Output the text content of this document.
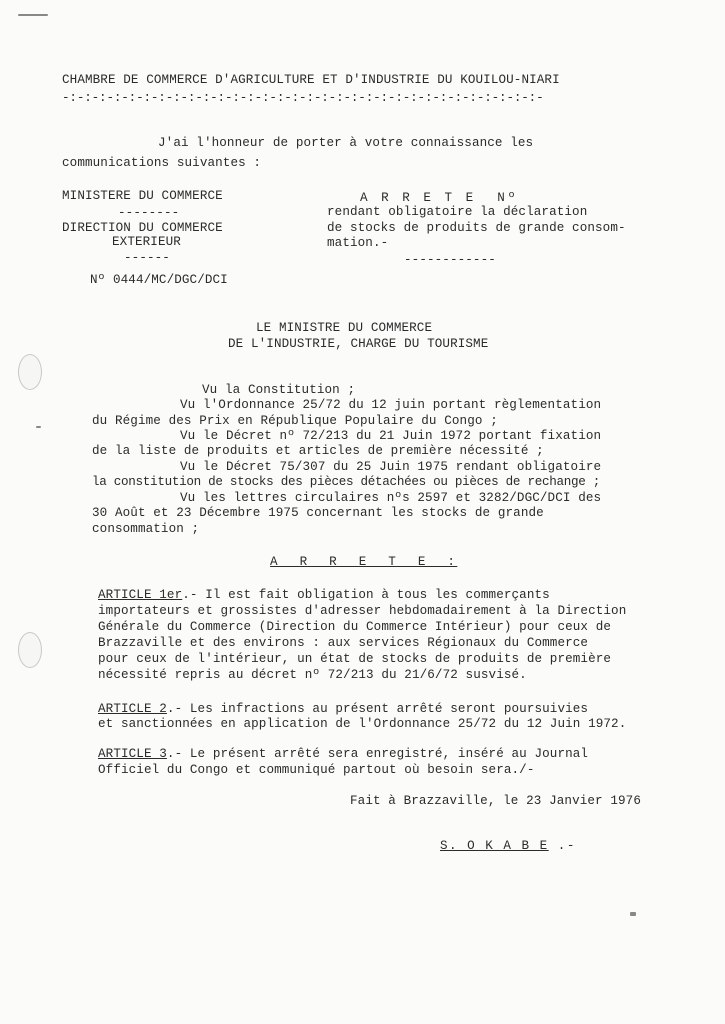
CHAMBRE DE COMMERCE D'AGRICULTURE ET D'INDUSTRIE DU KOUILOU-NIARI
-:-:-:-:-:-:-:-:-:-:-:-:-:-:-:-:-:-:-:-:-:-:-:-:-:-:-:-:-:-:-:-:-
J'ai l'honneur de porter à votre connaissance les
communications suivantes :
MINISTERE DU COMMERCE
--------
DIRECTION DU COMMERCE
EXTERIEUR
------
Nº 0444/MC/DGC/DCI
A R R E T E  Nº
rendant obligatoire la déclaration
de stocks de produits de grande consom-
mation.-
------------
LE MINISTRE DU COMMERCE
DE L'INDUSTRIE, CHARGE DU TOURISME
Vu la Constitution ;
Vu l'Ordonnance 25/72 du 12 juin portant règlementation
du Régime des Prix en République Populaire du Congo ;
Vu le Décret nº 72/213 du 21 Juin 1972 portant fixation
de la liste de produits et articles de première nécessité ;
Vu le Décret 75/307 du 25 Juin 1975 rendant obligatoire
la constitution de stocks des pièces détachées ou pièces de rechange ;
Vu les lettres circulaires nºs 2597 et 3282/DGC/DCI des
30 Août et 23 Décembre 1975 concernant les stocks de grande
consommation ;
A  R  R  E  T  E  :
ARTICLE 1er.- Il est fait obligation à tous les commerçants
importateurs et grossistes d'adresser hebdomadairement à la Direction
Générale du Commerce (Direction du Commerce Intérieur) pour ceux de
Brazzaville et des environs : aux services Régionaux du Commerce
pour ceux de l'intérieur, un état de stocks de produits de première
nécessité repris au décret nº 72/213 du 21/6/72 susvisé.
ARTICLE 2.- Les infractions au présent arrêté seront poursuivies
et sanctionnées en application de l'Ordonnance 25/72 du 12 Juin 1972.
ARTICLE 3.- Le présent arrêté sera enregistré, inséré au Journal
Officiel du Congo et communiqué partout où besoin sera./-
Fait à Brazzaville, le 23 Janvier 1976
S. O K A B E .-
